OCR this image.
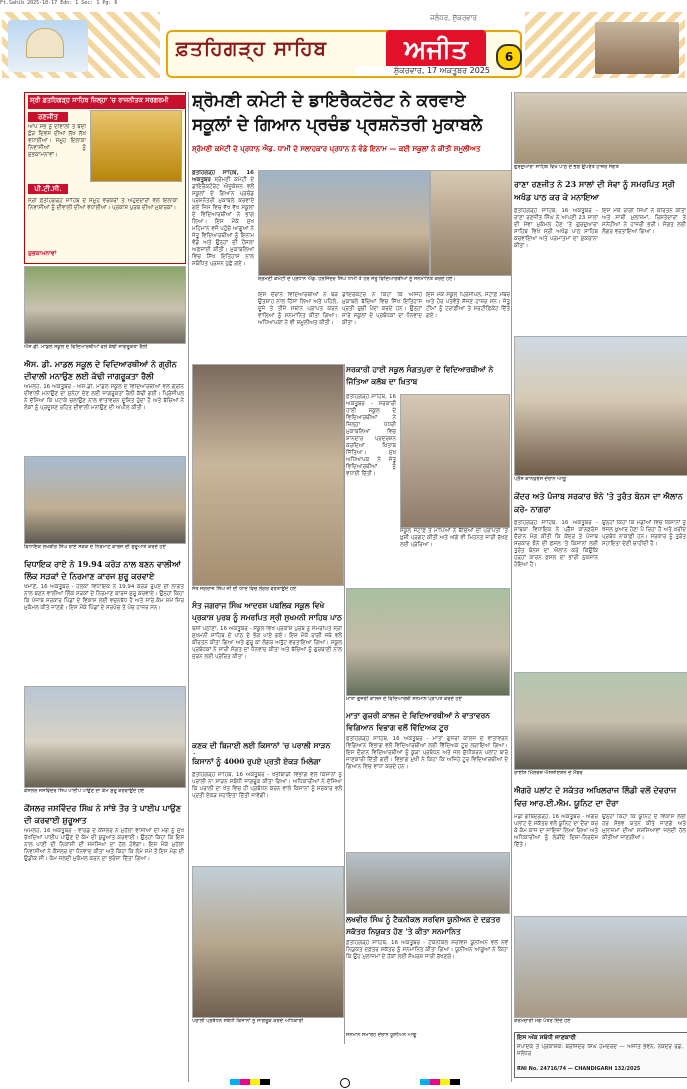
Ft.Sahib 2025-10-17 Edn: 1 Sec: 1 Pg: 6
ਫ਼ਤਹਿਗੜ੍ਹ ਸਾਹਿਬ	ਅਜੀਤ
ਜਲੰਧਰ, ਸ਼ੁੱਕਰਵਾਰ
ਸ਼ੁੱਕਰਵਾਰ, 17 ਅਕਤੂਬਰ 2025
6
ਸ੍ਰੀ ਫ਼ਤਹਿਗੜ੍ਹ ਸਾਹਿਬ ਜ਼ਿਲ੍ਹਾ 'ਚ ਰਾਜਨੀਤਕ ਸਰਗਰਮੀ
ਰਣਜੀਤ
ਆਪ ਸਭ ਨੂੰ ਦੀਵਾਲੀ ਤੇ ਬੰਦੀ ਛੋੜ ਦਿਵਸ ਦੀਆਂ ਲੱਖ ਲੱਖ ਵਧਾਈਆਂ। ਸਮੂਹ ਇਲਾਕਾ ਨਿਵਾਸੀਆਂ ਨੂੰ ਸ਼ੁਭਕਾਮਨਾਵਾਂ।
ਪੀ.ਟੀ.ਸੀ.
ਸ੍ਰੀ ਫ਼ਤਹਿਗੜ੍ਹ ਸਾਹਿਬ ਦੇ ਸਮੂਹ ਵਰਕਰਾਂ ਤੇ ਅਹੁਦੇਦਾਰਾਂ ਵਲੋਂ ਇਲਾਕਾ ਨਿਵਾਸੀਆਂ ਨੂੰ ਦੀਵਾਲੀ ਦੀਆਂ ਵਧਾਈਆਂ। ਪ੍ਰਕਾਸ਼ ਪੁਰਬ ਦੀਆਂ ਮੁਬਾਰਕਾਂ।
ਸ਼ੁਭਕਾਮਨਾਵਾਂ
ਸ਼੍ਰੋਮਣੀ ਕਮੇਟੀ ਦੇ ਡਾਇਰੈਕਟੋਰੇਟ ਨੇ ਕਰਵਾਏ
ਸਕੂਲਾਂ ਦੇ ਗਿਆਨ ਪ੍ਰਚੰਡ ਪ੍ਰਸ਼ਨੋਤਰੀ ਮੁਕਾਬਲੇ
ਸ਼੍ਰੋਮਣੀ ਕਮੇਟੀ ਦੇ ਪ੍ਰਧਾਨ ਐਡ. ਧਾਮੀ ਦੇ ਸਲਾਹਕਾਰ ਪ੍ਰਧਾਨ ਨੇ ਵੰਡੇ ਇਨਾਮ — ਕਈ ਸਕੂਲਾਂ ਨੇ ਕੀਤੀ ਸ਼ਮੂਲੀਅਤ
ਫ਼ਤਹਿਗੜ੍ਹ ਸਾਹਿਬ, 16 ਅਕਤੂਬਰ ਸ਼੍ਰੋਮਣੀ ਕਮੇਟੀ ਦੇ ਡਾਇਰੈਕਟੋਰੇਟ ਐਜੂਕੇਸ਼ਨ ਵਲੋਂ ਸਕੂਲਾਂ ਦੇ ਗਿਆਨ ਪ੍ਰਚੰਡ ਪ੍ਰਸ਼ਨੋਤਰੀ ਮੁਕਾਬਲੇ ਕਰਵਾਏ ਗਏ ਜਿਸ ਵਿਚ ਵੱਖ ਵੱਖ ਸਕੂਲਾਂ ਦੇ ਵਿਦਿਆਰਥੀਆਂ ਨੇ ਭਾਗ ਲਿਆ। ਇਸ ਮੌਕੇ ਮੁੱਖ ਮਹਿਮਾਨ ਵਜੋਂ ਪਹੁੰਚੇ ਆਗੂਆਂ ਨੇ ਜੇਤੂ ਵਿਦਿਆਰਥੀਆਂ ਨੂੰ ਇਨਾਮ ਵੰਡੇ ਅਤੇ ਉਨ੍ਹਾਂ ਦੀ ਹੌਸਲਾ ਅਫ਼ਜ਼ਾਈ ਕੀਤੀ। ਮੁਕਾਬਲਿਆਂ ਵਿਚ ਸਿੱਖ ਇਤਿਹਾਸ ਨਾਲ ਸਬੰਧਿਤ ਪ੍ਰਸ਼ਨ ਪੁੱਛੇ ਗਏ।
ਸ਼੍ਰੋਮਣੀ ਕਮੇਟੀ ਦੇ ਪ੍ਰਧਾਨ ਐਡ. ਹਰਜਿੰਦਰ ਸਿੰਘ ਧਾਮੀ ਤੇ ਹੋਰ ਜੇਤੂ ਵਿਦਿਆਰਥੀਆਂ ਨੂੰ ਸਨਮਾਨਿਤ ਕਰਦੇ ਹੋਏ।
ਇਸ ਦੌਰਾਨ ਵਿਦਿਆਰਥੀਆਂ ਨੇ ਬੜੇ ਉਤਸ਼ਾਹ ਨਾਲ ਹਿੱਸਾ ਲਿਆ ਅਤੇ ਪਹਿਲੇ, ਦੂਜੇ ਤੇ ਤੀਜੇ ਸਥਾਨ ਪ੍ਰਾਪਤ ਕਰਨ ਵਾਲਿਆਂ ਨੂੰ ਸਨਮਾਨਿਤ ਕੀਤਾ ਗਿਆ। ਅਧਿਆਪਕਾਂ ਨੇ ਵੀ ਸ਼ਮੂਲੀਅਤ ਕੀਤੀ।
ਡਾਇਰੈਕਟਰ ਨੇ ਕਿਹਾ ਕਿ ਅਜਿਹੇ ਮੁਕਾਬਲੇ ਬੱਚਿਆਂ ਵਿਚ ਸਿੱਖ ਇਤਿਹਾਸ ਪ੍ਰਤੀ ਰੁਚੀ ਪੈਦਾ ਕਰਦੇ ਹਨ। ਉਨ੍ਹਾਂ ਸਾਰੇ ਸਕੂਲਾਂ ਦੇ ਪ੍ਰਬੰਧਕਾਂ ਦਾ ਧੰਨਵਾਦ ਕੀਤਾ।
ਇਸ ਮੌਕੇ ਸਕੂਲ ਪ੍ਰਿੰਸੀਪਲ, ਸਟਾਫ਼ ਮੈਂਬਰ ਅਤੇ ਹੋਰ ਪਤਵੰਤੇ ਸੱਜਣ ਹਾਜ਼ਰ ਸਨ। ਜੇਤੂ ਟੀਮਾਂ ਨੂੰ ਟਰਾਫ਼ੀਆਂ ਤੇ ਸਰਟੀਫ਼ਿਕੇਟ ਦਿੱਤੇ ਗਏ।
ਐਸ.ਡੀ. ਮਾਡਲ ਸਕੂਲ ਦੇ ਵਿਦਿਆਰਥੀਆਂ ਵਲੋਂ ਕੱਢੀ ਜਾਗਰੂਕਤਾ ਰੈਲੀ
ਐਸ. ਡੀ. ਮਾਡਲ ਸਕੂਲ ਦੇ ਵਿਦਿਆਰਥੀਆਂ ਨੇ ਗ੍ਰੀਨ ਦੀਵਾਲੀ ਮਨਾਉਣ ਲਈ ਕੱਢੀ ਜਾਗਰੂਕਤਾ ਰੈਲੀ
ਅਮਲੋਹ, 16 ਅਕਤੂਬਰ - ਐਸ.ਡੀ. ਮਾਡਲ ਸਕੂਲ ਦੇ ਵਿਦਿਆਰਥੀਆਂ ਵਲੋਂ ਗ੍ਰੀਨ ਦੀਵਾਲੀ ਮਨਾਉਣ ਦਾ ਸੁਨੇਹਾ ਦੇਣ ਲਈ ਜਾਗਰੂਕਤਾ ਰੈਲੀ ਕੱਢੀ ਗਈ। ਪ੍ਰਿੰਸੀਪਲ ਨੇ ਦੱਸਿਆ ਕਿ ਪਟਾਕੇ ਚਲਾਉਣ ਨਾਲ ਵਾਤਾਵਰਨ ਦੂਸ਼ਿਤ ਹੁੰਦਾ ਹੈ ਅਤੇ ਬੱਚਿਆਂ ਨੇ ਲੋਕਾਂ ਨੂੰ ਪ੍ਰਦੂਸ਼ਣ ਰਹਿਤ ਦੀਵਾਲੀ ਮਨਾਉਣ ਦੀ ਅਪੀਲ ਕੀਤੀ।
ਵਿਧਾਇਕ ਲਖਬੀਰ ਸਿੰਘ ਰਾਏ ਸੜਕ ਦੇ ਨਿਰਮਾਣ ਕਾਰਜ ਦੀ ਸ਼ੁਰੂਆਤ ਕਰਦੇ ਹੋਏ
ਵਿਧਾਇਕ ਰਾਏ ਨੇ 19.94 ਕਰੋੜ ਨਾਲ ਬਣਨ ਵਾਲੀਆਂ ਲਿੰਕ ਸੜਕਾਂ ਦੇ ਨਿਰਮਾਣ ਕਾਰਜ ਸ਼ੁਰੂ ਕਰਵਾਏ
ਖਮਾਣੋਂ, 16 ਅਕਤੂਬਰ - ਹਲਕਾ ਵਿਧਾਇਕ ਨੇ 19.94 ਕਰੋੜ ਰੁਪਏ ਦੀ ਲਾਗਤ ਨਾਲ ਬਣਨ ਵਾਲੀਆਂ ਲਿੰਕ ਸੜਕਾਂ ਦੇ ਨਿਰਮਾਣ ਕਾਰਜ ਸ਼ੁਰੂ ਕਰਵਾਏ। ਉਨ੍ਹਾਂ ਕਿਹਾ ਕਿ ਪੰਜਾਬ ਸਰਕਾਰ ਪਿੰਡਾਂ ਦੇ ਵਿਕਾਸ ਲਈ ਵਚਨਬੱਧ ਹੈ ਅਤੇ ਸਾਰੇ ਕੰਮ ਸਮੇਂ ਸਿਰ ਮੁਕੰਮਲ ਕੀਤੇ ਜਾਣਗੇ। ਇਸ ਮੌਕੇ ਪਿੰਡਾਂ ਦੇ ਸਰਪੰਚ ਤੇ ਪੰਚ ਹਾਜ਼ਰ ਸਨ।
ਕੌਂਸਲਰ ਜਸਵਿੰਦਰ ਸਿੰਘ ਪਾਈਪ ਪਾਉਣ ਦਾ ਕੰਮ ਸ਼ੁਰੂ ਕਰਵਾਉਂਦੇ ਹੋਏ
ਕੌਂਸਲਰ ਜਸਵਿੰਦਰ ਸਿੰਘ ਨੇ ਸਾਂਝੇ ਤੌਰ ਤੇ ਪਾਈਪ ਪਾਉਣ ਦੀ ਕਰਵਾਈ ਸ਼ੁਰੂਆਤ
ਅਮਲੋਹ, 16 ਅਕਤੂਬਰ - ਵਾਰਡ ਦੇ ਕੌਂਸਲਰ ਨੇ ਮੁਹੱਲਾ ਵਾਸੀਆਂ ਦੀ ਮੰਗ ਨੂੰ ਮੁੱਖ ਰੱਖਦਿਆਂ ਪਾਈਪ ਪਾਉਣ ਦੇ ਕੰਮ ਦੀ ਸ਼ੁਰੂਆਤ ਕਰਵਾਈ। ਉਨ੍ਹਾਂ ਕਿਹਾ ਕਿ ਇਸ ਨਾਲ ਪਾਣੀ ਦੀ ਨਿਕਾਸੀ ਦੀ ਸਮੱਸਿਆ ਦਾ ਹੱਲ ਹੋਵੇਗਾ। ਇਸ ਮੌਕੇ ਮੁਹੱਲਾ ਨਿਵਾਸੀਆਂ ਨੇ ਕੌਂਸਲਰ ਦਾ ਧੰਨਵਾਦ ਕੀਤਾ ਅਤੇ ਕਿਹਾ ਕਿ ਲੰਮੇ ਸਮੇਂ ਤੋਂ ਇਸ ਮੰਗ ਦੀ ਉਡੀਕ ਸੀ। ਕੰਮ ਜਲਦੀ ਮੁਕੰਮਲ ਕਰਨ ਦਾ ਭਰੋਸਾ ਦਿੱਤਾ ਗਿਆ।
ਸੰਤ ਜਗਰਾਜ ਸਿੰਘ ਜੀ ਦੀ ਯਾਦ ਵਿਚ ਲੰਗਰ ਵਰਤਾਉਂਦੇ ਹੋਏ
ਸੰਤ ਜਗਰਾਜ ਸਿੰਘ ਆਦਰਸ਼ ਪਬਲਿਕ ਸਕੂਲ ਵਿਖੇ ਪ੍ਰਕਾਸ਼ ਪੁਰਬ ਨੂੰ ਸਮਰਪਿਤ ਸ੍ਰੀ ਸੁਖਮਨੀ ਸਾਹਿਬ ਪਾਠ
ਬਸੀ ਪਠਾਣਾ, 16 ਅਕਤੂਬਰ - ਸਕੂਲ ਵਿਖੇ ਪ੍ਰਕਾਸ਼ ਪੁਰਬ ਨੂੰ ਸਮਰਪਿਤ ਸ੍ਰੀ ਸੁਖਮਨੀ ਸਾਹਿਬ ਦੇ ਪਾਠ ਦੇ ਭੋਗ ਪਾਏ ਗਏ। ਇਸ ਮੌਕੇ ਰਾਗੀ ਜਥੇ ਵਲੋਂ ਕੀਰਤਨ ਕੀਤਾ ਗਿਆ ਅਤੇ ਗੁਰੂ ਕਾ ਲੰਗਰ ਅਤੁੱਟ ਵਰਤਾਇਆ ਗਿਆ। ਸਕੂਲ ਪ੍ਰਬੰਧਕਾਂ ਨੇ ਸਾਰੀ ਸੰਗਤ ਦਾ ਧੰਨਵਾਦ ਕੀਤਾ ਅਤੇ ਬੱਚਿਆਂ ਨੂੰ ਗੁਰਬਾਣੀ ਨਾਲ ਜੁੜਨ ਲਈ ਪ੍ਰੇਰਿਤ ਕੀਤਾ।
ਕਣਕ ਦੀ ਬਿਜਾਈ ਲਈ ਕਿਸਾਨਾਂ 'ਚ ਪਰਾਲੀ ਸਾੜਨ
ਕਿਸਾਨਾਂ ਨੂੰ 4000 ਰੁਪਏ ਪ੍ਰਤੀ ਏਕੜ ਮਿਲੇਗਾ
ਫ਼ਤਹਿਗੜ੍ਹ ਸਾਹਿਬ, 16 ਅਕਤੂਬਰ - ਖੇਤੀਬਾੜੀ ਵਿਭਾਗ ਵਲੋਂ ਕਿਸਾਨਾਂ ਨੂੰ ਪਰਾਲੀ ਨਾ ਸਾੜਨ ਸਬੰਧੀ ਜਾਗਰੂਕ ਕੀਤਾ ਗਿਆ। ਅਧਿਕਾਰੀਆਂ ਨੇ ਦੱਸਿਆ ਕਿ ਪਰਾਲੀ ਦਾ ਖੇਤ ਵਿਚ ਹੀ ਪ੍ਰਬੰਧਨ ਕਰਨ ਵਾਲੇ ਕਿਸਾਨਾਂ ਨੂੰ ਸਰਕਾਰ ਵਲੋਂ ਪ੍ਰਤੀ ਏਕੜ ਸਹਾਇਤਾ ਦਿੱਤੀ ਜਾਵੇਗੀ।
ਪਰਾਲੀ ਪ੍ਰਬੰਧਨ ਸਬੰਧੀ ਕਿਸਾਨਾਂ ਨੂੰ ਜਾਗਰੂਕ ਕਰਦੇ ਅਧਿਕਾਰੀ
ਸਰਕਾਰੀ ਹਾਈ ਸਕੂਲ ਸੰਗਤਪੁਰਾ ਦੇ ਵਿਦਿਆਰਥੀਆਂ ਨੇ ਜਿੱਤਿਆ ਕਲੱਬ ਦਾ ਖ਼ਿਤਾਬ
ਫ਼ਤਹਿਗੜ੍ਹ ਸਾਹਿਬ, 16 ਅਕਤੂਬਰ - ਸਰਕਾਰੀ ਹਾਈ ਸਕੂਲ ਦੇ ਵਿਦਿਆਰਥੀਆਂ ਨੇ ਜ਼ਿਲ੍ਹਾ ਪੱਧਰੀ ਮੁਕਾਬਲਿਆਂ ਵਿਚ ਸ਼ਾਨਦਾਰ ਪ੍ਰਦਰਸ਼ਨ ਕਰਦਿਆਂ ਖ਼ਿਤਾਬ ਜਿੱਤਿਆ। ਮੁੱਖ ਅਧਿਆਪਕ ਨੇ ਜੇਤੂ ਵਿਦਿਆਰਥੀਆਂ ਨੂੰ ਵਧਾਈ ਦਿੱਤੀ।
ਸਕੂਲ ਸਟਾਫ਼ ਤੇ ਮਾਪਿਆਂ ਨੇ ਬੱਚਿਆਂ ਦੀ ਪ੍ਰਾਪਤੀ 'ਤੇ ਖ਼ੁਸ਼ੀ ਪ੍ਰਗਟ ਕੀਤੀ ਅਤੇ ਅੱਗੇ ਵੀ ਮਿਹਨਤ ਜਾਰੀ ਰੱਖਣ ਲਈ ਪ੍ਰੇਰਿਆ।
ਮਾਤਾ ਗੁਜਰੀ ਕਾਲਜ ਦੇ ਵਿਦਿਆਰਥੀ ਸਨਮਾਨ ਪ੍ਰਾਪਤ ਕਰਦੇ ਹੋਏ
ਮਾਤਾ ਗੁਜਰੀ ਕਾਲਜ ਦੇ ਵਿਦਿਆਰਥੀਆਂ ਨੇ ਵਾਤਾਵਰਨ ਵਿਗਿਆਨ ਵਿਭਾਗ ਵਲੋਂ ਵਿੱਦਿਅਕ ਟੂਰ
ਫ਼ਤਹਿਗੜ੍ਹ ਸਾਹਿਬ, 16 ਅਕਤੂਬਰ - ਮਾਤਾ ਗੁਜਰੀ ਕਾਲਜ ਦੇ ਵਾਤਾਵਰਨ ਵਿਗਿਆਨ ਵਿਭਾਗ ਵਲੋਂ ਵਿਦਿਆਰਥੀਆਂ ਲਈ ਵਿੱਦਿਅਕ ਟੂਰ ਲਗਾਇਆ ਗਿਆ। ਇਸ ਦੌਰਾਨ ਵਿਦਿਆਰਥੀਆਂ ਨੂੰ ਕੂੜਾ ਪ੍ਰਬੰਧਨ ਅਤੇ ਜਲ ਸ਼ੁੱਧੀਕਰਨ ਪਲਾਂਟ ਬਾਰੇ ਜਾਣਕਾਰੀ ਦਿੱਤੀ ਗਈ। ਵਿਭਾਗ ਮੁਖੀ ਨੇ ਕਿਹਾ ਕਿ ਅਜਿਹੇ ਟੂਰ ਵਿਦਿਆਰਥੀਆਂ ਦੇ ਗਿਆਨ ਵਿਚ ਵਾਧਾ ਕਰਦੇ ਹਨ।
ਲਖਵੀਰ ਸਿੰਘ ਨੂੰ ਟੈਕਨੀਕਲ ਸਰਵਿਸ ਯੂਨੀਅਨ ਦੇ ਦਫ਼ਤਰ ਸਕੱਤਰ ਨਿਯੁਕਤ ਹੋਣ 'ਤੇ ਕੀਤਾ ਸਨਮਾਨਿਤ
ਫ਼ਤਹਿਗੜ੍ਹ ਸਾਹਿਬ, 16 ਅਕਤੂਬਰ - ਟੈਕਨੀਕਲ ਸਰਵਿਸ ਯੂਨੀਅਨ ਵਲੋਂ ਨਵੇਂ ਨਿਯੁਕਤ ਦਫ਼ਤਰ ਸਕੱਤਰ ਨੂੰ ਸਨਮਾਨਿਤ ਕੀਤਾ ਗਿਆ। ਯੂਨੀਅਨ ਆਗੂਆਂ ਨੇ ਕਿਹਾ ਕਿ ਉਹ ਮੁਲਾਜ਼ਮਾਂ ਦੇ ਹੱਕਾਂ ਲਈ ਸੰਘਰਸ਼ ਜਾਰੀ ਰੱਖਣਗੇ।
ਸਨਮਾਨ ਸਮਾਰੋਹ ਦੌਰਾਨ ਯੂਨੀਅਨ ਆਗੂ
ਗੁਰਦੁਆਰਾ ਸਾਹਿਬ ਵਿਖੇ ਪਾਠ ਦੇ ਭੋਗ ਉਪਰੰਤ ਹਾਜ਼ਰ ਸੰਗਤ
ਰਾਣਾ ਰਣਜੀਤ ਨੇ 23 ਸਾਲਾਂ ਦੀ ਸੇਵਾ ਨੂੰ ਸਮਰਪਿਤ ਸ੍ਰੀ ਅਖੰਡ ਪਾਠ ਕਰ ਕੇ ਮਨਾਇਆ
ਫ਼ਤਹਿਗੜ੍ਹ ਸਾਹਿਬ, 16 ਅਕਤੂਬਰ - ਰਾਣਾ ਰਣਜੀਤ ਸਿੰਘ ਨੇ ਆਪਣੀ 23 ਸਾਲਾਂ ਦੀ ਸੇਵਾ ਮੁਕੰਮਲ ਹੋਣ 'ਤੇ ਗੁਰਦੁਆਰਾ ਸਾਹਿਬ ਵਿਖੇ ਸ੍ਰੀ ਅਖੰਡ ਪਾਠ ਸਾਹਿਬ ਕਰਵਾਇਆ ਅਤੇ ਪਰਮਾਤਮਾ ਦਾ ਸ਼ੁਕਰਾਨਾ ਕੀਤਾ।
ਇਸ ਮੌਕੇ ਰਾਗੀ ਸਿੰਘਾਂ ਨੇ ਕੀਰਤਨ ਕੀਤਾ ਅਤੇ ਸਾਥੀ ਮੁਲਾਜ਼ਮਾਂ, ਰਿਸ਼ਤੇਦਾਰਾਂ ਤੇ ਸਨੇਹੀਆਂ ਨੇ ਹਾਜ਼ਰੀ ਭਰੀ। ਸੰਗਤ ਲਈ ਲੰਗਰ ਵਰਤਾਇਆ ਗਿਆ।
ਪ੍ਰੈੱਸ ਕਾਨਫ਼ਰੰਸ ਦੌਰਾਨ ਆਗੂ
ਕੇਂਦਰ ਅਤੇ ਪੰਜਾਬ ਸਰਕਾਰ ਝੋਨੇ 'ਤੇ ਤੁਰੰਤ ਬੋਨਸ ਦਾ ਐਲਾਨ ਕਰੇ- ਨਾਗਰਾ
ਫ਼ਤਹਿਗੜ੍ਹ ਸਾਹਿਬ, 16 ਅਕਤੂਬਰ - ਸਾਬਕਾ ਵਿਧਾਇਕ ਨੇ ਪ੍ਰੈੱਸ ਕਾਨਫ਼ਰੰਸ ਦੌਰਾਨ ਮੰਗ ਕੀਤੀ ਕਿ ਕੇਂਦਰ ਤੇ ਪੰਜਾਬ ਸਰਕਾਰ ਝੋਨੇ ਦੀ ਫ਼ਸਲ 'ਤੇ ਕਿਸਾਨਾਂ ਲਈ ਤੁਰੰਤ ਬੋਨਸ ਦਾ ਐਲਾਨ ਕਰੇ ਕਿਉਂਕਿ ਹੜ੍ਹਾਂ ਕਾਰਨ ਫ਼ਸਲ ਦਾ ਭਾਰੀ ਨੁਕਸਾਨ ਹੋਇਆ ਹੈ।
ਉਨ੍ਹਾਂ ਕਿਹਾ ਕਿ ਮੰਡੀਆਂ ਵਿਚ ਕਿਸਾਨਾਂ ਨੂੰ ਖੱਜਲ ਖ਼ੁਆਰ ਹੋਣਾ ਪੈ ਰਿਹਾ ਹੈ ਅਤੇ ਖ਼ਰੀਦ ਪ੍ਰਬੰਧ ਨਾਕਾਫ਼ੀ ਹਨ। ਸਰਕਾਰ ਨੂੰ ਤੁਰੰਤ ਸਹਾਇਤਾ ਦੇਣੀ ਚਾਹੀਦੀ ਹੈ।
ਰਾਈਸ ਮਿੱਲਰਜ਼ ਐਸੋਸੀਏਸ਼ਨ ਦੇ ਮੈਂਬਰ
ਐਗਰੋ ਪਲਾਂਟ ਦੇ ਸਕੱਤਰ ਅਖਿਲਰਾਜ ਲਿੰਡੀ ਵਲੋਂ ਦੇਵਰਾਜ ਵਿਚ ਆਰ.ਈ.ਐਮ. ਯੂਨਿਟ ਦਾ ਦੌਰਾ
ਮੰਡੀ ਗੋਬਿੰਦਗੜ੍ਹ, 16 ਅਕਤੂਬਰ - ਐਗਰੋ ਪਲਾਂਟ ਦੇ ਸਕੱਤਰ ਵਲੋਂ ਯੂਨਿਟ ਦਾ ਦੌਰਾ ਕਰ ਕੇ ਕੰਮ ਕਾਜ ਦਾ ਜਾਇਜ਼ਾ ਲਿਆ ਗਿਆ ਅਤੇ ਅਧਿਕਾਰੀਆਂ ਨੂੰ ਲੋੜੀਂਦੇ ਦਿਸ਼ਾ-ਨਿਰਦੇਸ਼ ਦਿੱਤੇ।
ਉਨ੍ਹਾਂ ਕਿਹਾ ਕਿ ਯੂਨਿਟ ਦੇ ਵਿਕਾਸ ਲਈ ਹਰ ਸੰਭਵ ਯਤਨ ਕੀਤੇ ਜਾਣਗੇ ਅਤੇ ਮੁਲਾਜ਼ਮਾਂ ਦੀਆਂ ਸਮੱਸਿਆਵਾਂ ਜਲਦੀ ਹੱਲ ਕੀਤੀਆਂ ਜਾਣਗੀਆਂ।
ਕਰਮਚਾਰੀ ਮੰਗ ਪੱਤਰ ਦਿੰਦੇ ਹੋਏ
ਇਸ ਅੰਕ ਸਬੰਧੀ ਜਾਣਕਾਰੀ
ਸੰਪਾਦਕ ਤੇ ਪ੍ਰਕਾਸ਼ਕ: ਬਰਜਿੰਦਰ ਸਿੰਘ ਹਮਦਰਦ — ਅਜੀਤ ਭਵਨ, ਨਕੋਦਰ ਰੋਡ, ਜਲੰਧਰ
RNI No. 24716/74 — CHANDIGARH 132/2025
